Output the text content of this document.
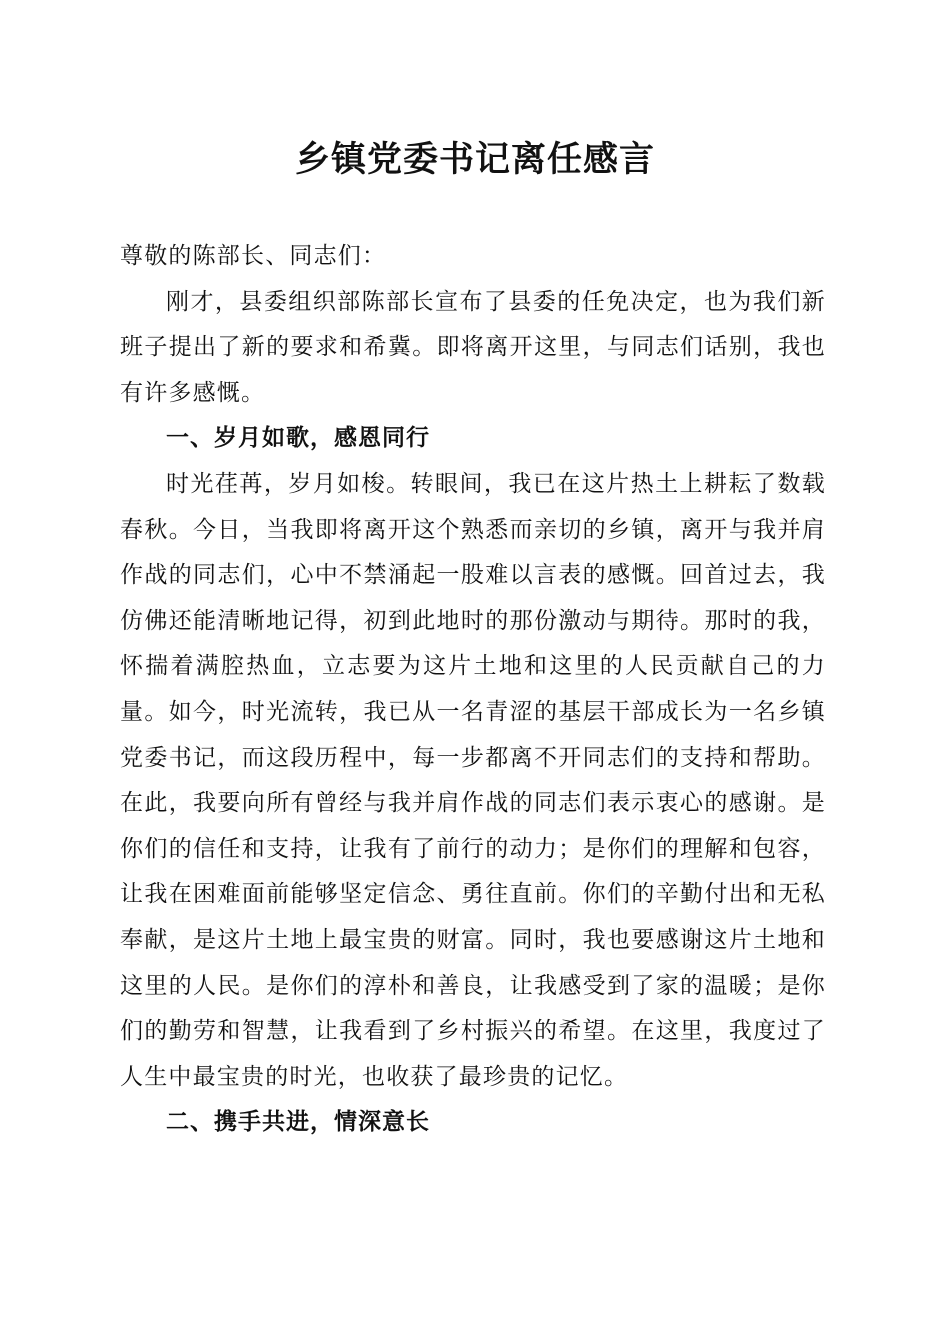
乡镇党委书记离任感言

尊敬的陈部长、同志们：

刚才，县委组织部陈部长宣布了县委的任免决定，也为我们新班子提出了新的要求和希冀。即将离开这里，与同志们话别，我也有许多感慨。

一、岁月如歌，感恩同行

时光荏苒，岁月如梭。转眼间，我已在这片热土上耕耘了数载春秋。今日，当我即将离开这个熟悉而亲切的乡镇，离开与我并肩作战的同志们，心中不禁涌起一股难以言表的感慨。回首过去，我仿佛还能清晰地记得，初到此地时的那份激动与期待。那时的我，怀揣着满腔热血，立志要为这片土地和这里的人民贡献自己的力量。如今，时光流转，我已从一名青涩的基层干部成长为一名乡镇党委书记，而这段历程中，每一步都离不开同志们的支持和帮助。在此，我要向所有曾经与我并肩作战的同志们表示衷心的感谢。是你们的信任和支持，让我有了前行的动力；是你们的理解和包容，让我在困难面前能够坚定信念、勇往直前。你们的辛勤付出和无私奉献，是这片土地上最宝贵的财富。同时，我也要感谢这片土地和这里的人民。是你们的淳朴和善良，让我感受到了家的温暖；是你们的勤劳和智慧，让我看到了乡村振兴的希望。在这里，我度过了人生中最宝贵的时光，也收获了最珍贵的记忆。

二、携手共进，情深意长
